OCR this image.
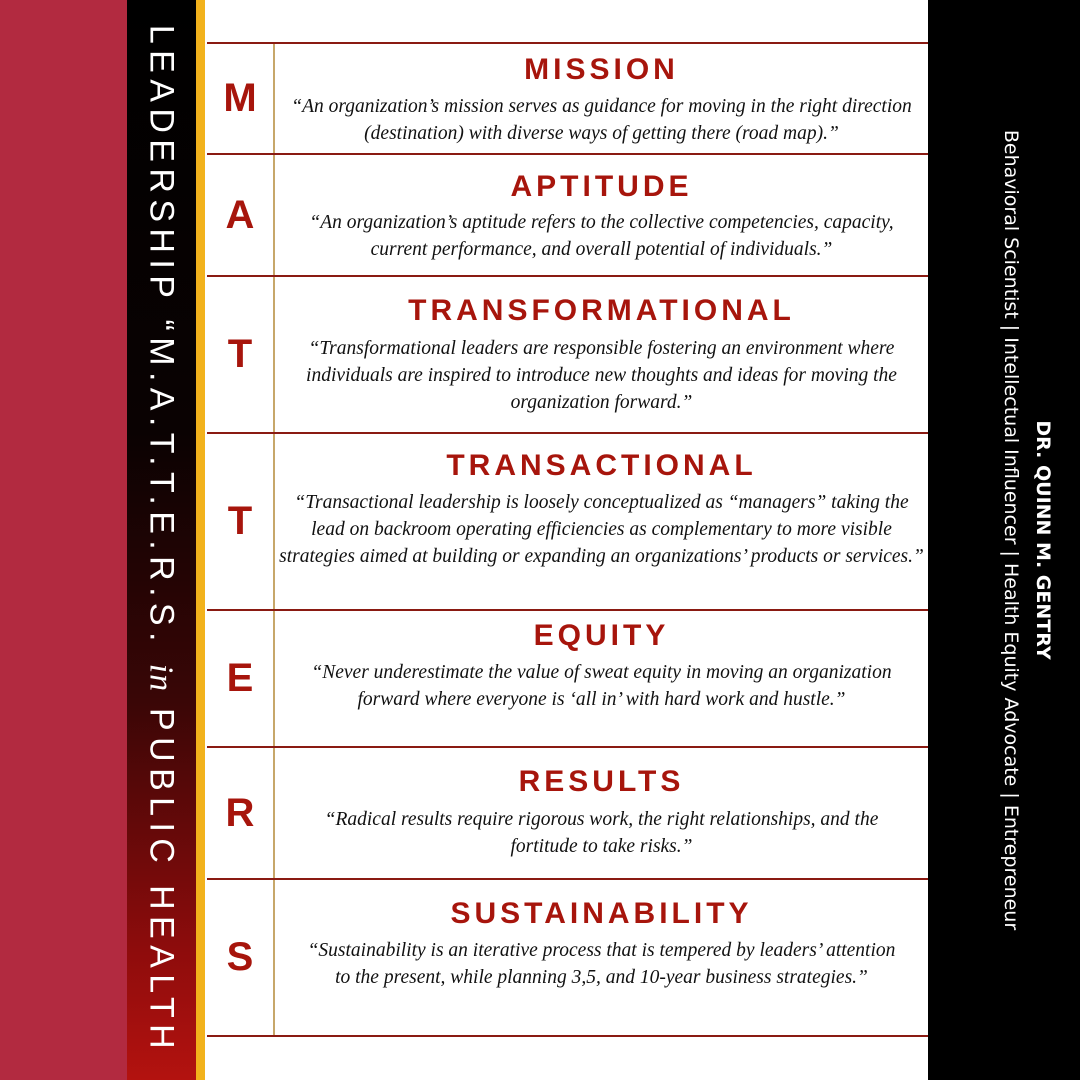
LEADERSHIP “M.A.T.T.E.R.S. in PUBLIC HEALTH
DR. QUINN M. GENTRY
Behavioral Scientist | Intellectual Influencer | Health Equity Advocate | Entrepreneur
M
MISSION
“An organization’s mission serves as guidance for moving in the right direction (destination) with diverse ways of getting there (road map).”
A
APTITUDE
“An organization’s aptitude refers to the collective competencies, capacity, current performance, and overall potential of individuals.”
T
TRANSFORMATIONAL
“Transformational leaders are responsible fostering an environment where individuals are inspired to introduce new thoughts and ideas for moving the organization forward.”
T
TRANSACTIONAL
“Transactional leadership is loosely conceptualized as “managers” taking the lead on backroom operating efficiencies as complementary to more visible strategies aimed at building or expanding an organizations’ products or services.”
E
EQUITY
“Never underestimate the value of sweat equity in moving an organization forward where everyone is ‘all in’ with hard work and hustle.”
R
RESULTS
“Radical results require rigorous work, the right relationships, and the fortitude to take risks.”
S
SUSTAINABILITY
“Sustainability is an iterative process that is tempered by leaders’ attention to the present, while planning 3,5, and 10-year business strategies.”
